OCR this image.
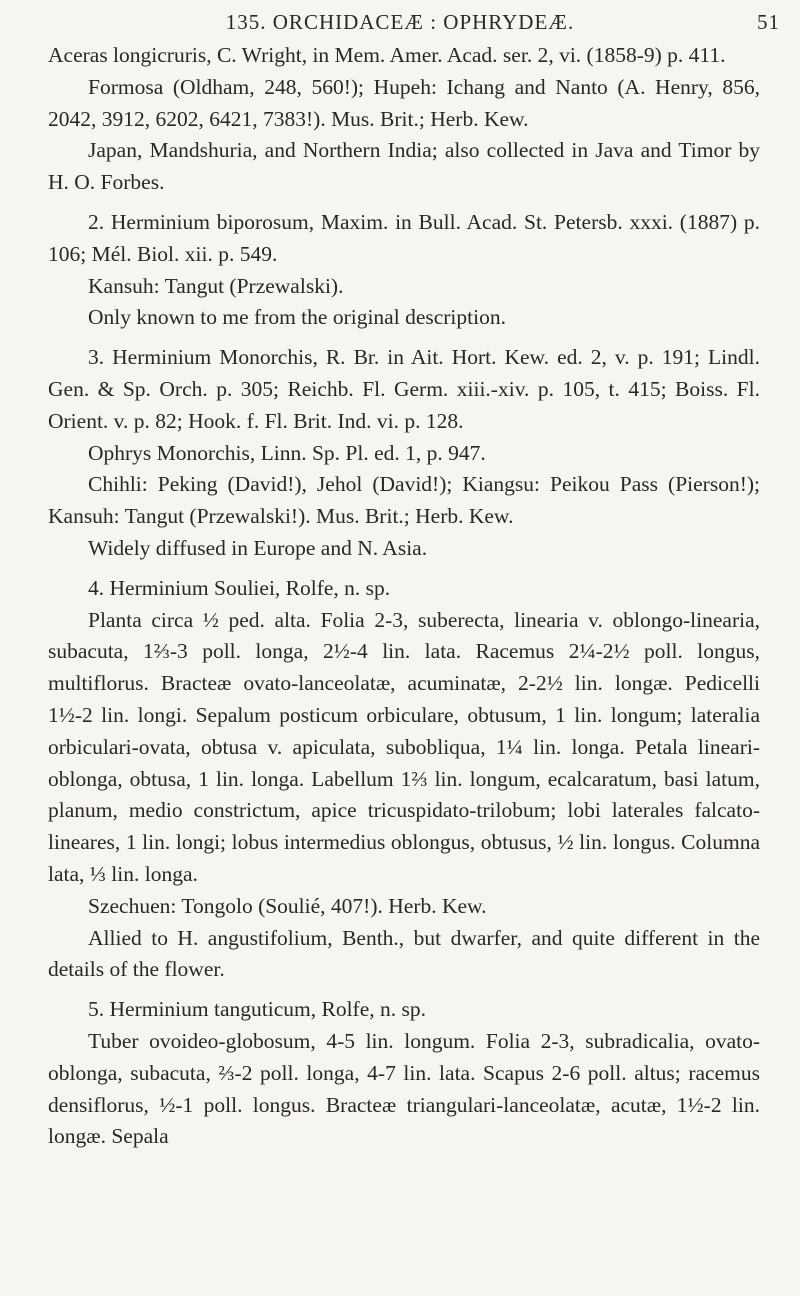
135. ORCHIDACEÆ : OPHRYDEÆ.	51

Aceras longicruris, C. Wright, in Mem. Amer. Acad. ser. 2, vi. (1858-9) p. 411.

Formosa (Oldham, 248, 560!); Hupeh: Ichang and Nanto (A. Henry, 856, 2042, 3912, 6202, 6421, 7383!). Mus. Brit.; Herb. Kew.

Japan, Mandshuria, and Northern India; also collected in Java and Timor by H. O. Forbes.

2. Herminium biporosum, Maxim. in Bull. Acad. St. Petersb. xxxi. (1887) p. 106; Mél. Biol. xii. p. 549.

Kansuh: Tangut (Przewalski).

Only known to me from the original description.

3. Herminium Monorchis, R. Br. in Ait. Hort. Kew. ed. 2, v. p. 191; Lindl. Gen. & Sp. Orch. p. 305; Reichb. Fl. Germ. xiii.-xiv. p. 105, t. 415; Boiss. Fl. Orient. v. p. 82; Hook. f. Fl. Brit. Ind. vi. p. 128.

Ophrys Monorchis, Linn. Sp. Pl. ed. 1, p. 947.

Chihli: Peking (David!), Jehol (David!); Kiangsu: Peikou Pass (Pierson!); Kansuh: Tangut (Przewalski!). Mus. Brit.; Herb. Kew.

Widely diffused in Europe and N. Asia.

4. Herminium Souliei, Rolfe, n. sp.

Planta circa ½ ped. alta. Folia 2-3, suberecta, linearia v. oblongo-linearia, subacuta, 1⅔-3 poll. longa, 2½-4 lin. lata. Racemus 2¼-2½ poll. longus, multiflorus. Bracteæ ovato-lanceolatæ, acuminatæ, 2-2½ lin. longæ. Pedicelli 1½-2 lin. longi. Sepalum posticum orbiculare, obtusum, 1 lin. longum; lateralia orbiculari-ovata, obtusa v. apiculata, subobliqua, 1¼ lin. longa. Petala lineari-oblonga, obtusa, 1 lin. longa. Labellum 1⅔ lin. longum, ecalcaratum, basi latum, planum, medio constrictum, apice tricuspidato-trilobum; lobi laterales falcato-lineares, 1 lin. longi; lobus intermedius oblongus, obtusus, ½ lin. longus. Columna lata, ⅓ lin. longa.

Szechuen: Tongolo (Soulié, 407!). Herb. Kew.

Allied to H. angustifolium, Benth., but dwarfer, and quite different in the details of the flower.

5. Herminium tanguticum, Rolfe, n. sp.

Tuber ovoideo-globosum, 4-5 lin. longum. Folia 2-3, subradicalia, ovato-oblonga, subacuta, ⅔-2 poll. longa, 4-7 lin. lata. Scapus 2-6 poll. altus; racemus densiflorus, ½-1 poll. longus. Bracteæ triangulari-lanceolatæ, acutæ, 1½-2 lin. longæ. Sepala
